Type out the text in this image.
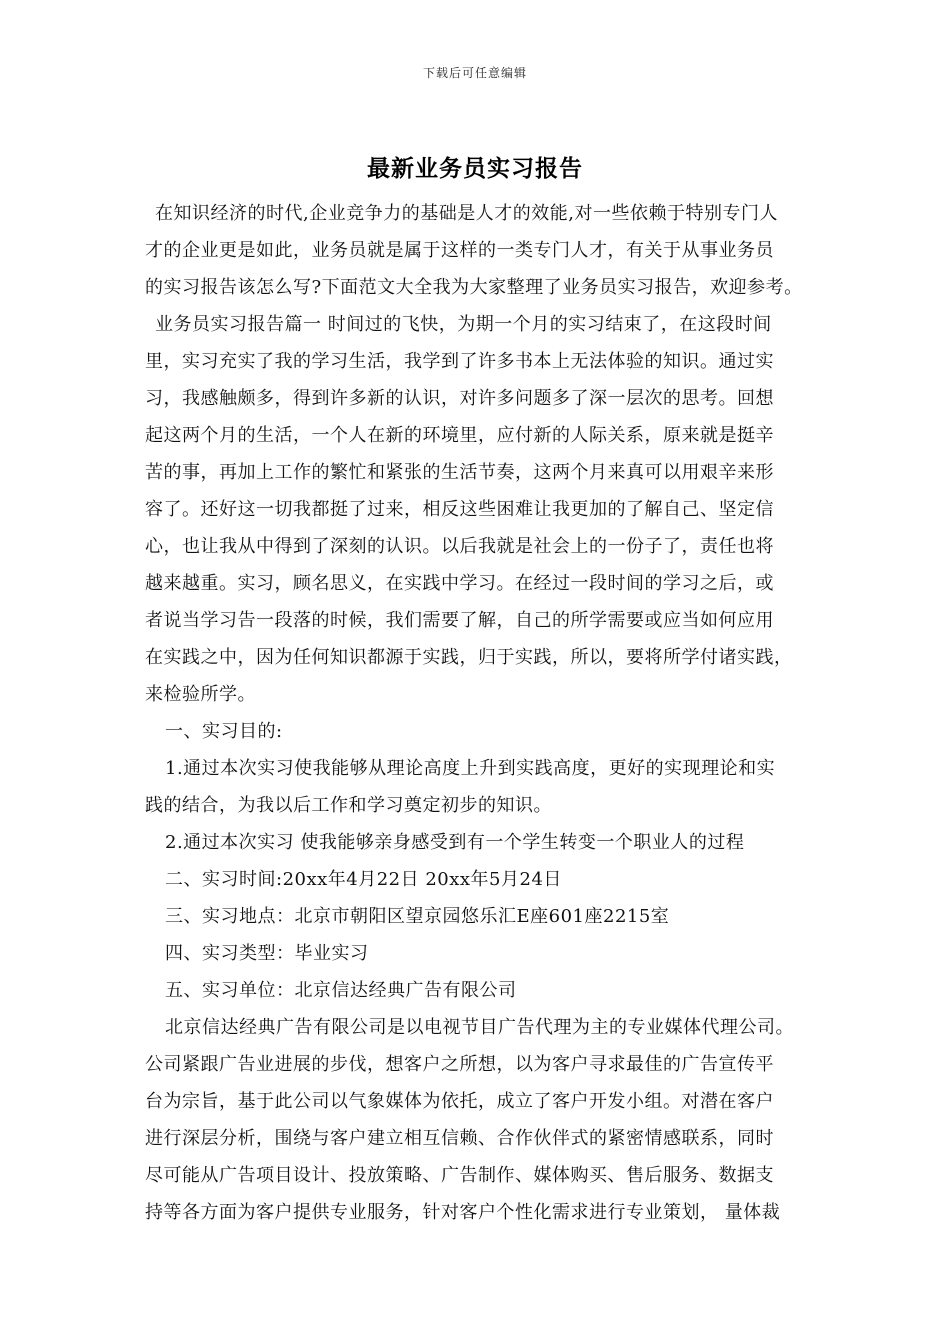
下载后可任意编辑
最新业务员实习报告
在知识经济的时代,企业竞争力的基础是人才的效能,对一些依赖于特别专门人
才的企业更是如此，业务员就是属于这样的一类专门人才，有关于从事业务员
的实习报告该怎么写?下面范文大全我为大家整理了业务员实习报告，欢迎参考。
业务员实习报告篇一 时间过的飞快，为期一个月的实习结束了，在这段时间
里，实习充实了我的学习生活，我学到了许多书本上无法体验的知识。通过实
习，我感触颇多，得到许多新的认识，对许多问题多了深一层次的思考。回想
起这两个月的生活，一个人在新的环境里，应付新的人际关系，原来就是挺辛
苦的事，再加上工作的繁忙和紧张的生活节奏，这两个月来真可以用艰辛来形
容了。还好这一切我都挺了过来，相反这些困难让我更加的了解自己、坚定信
心，也让我从中得到了深刻的认识。以后我就是社会上的一份子了，责任也将
越来越重。实习，顾名思义，在实践中学习。在经过一段时间的学习之后，或
者说当学习告一段落的时候，我们需要了解，自己的所学需要或应当如何应用
在实践之中，因为任何知识都源于实践，归于实践，所以，要将所学付诸实践，
来检验所学。
一、实习目的:
1.通过本次实习使我能够从理论高度上升到实践高度，更好的实现理论和实
践的结合，为我以后工作和学习奠定初步的知识。
2.通过本次实习 使我能够亲身感受到有一个学生转变一个职业人的过程
二、实习时间:20xx年4月22日 20xx年5月24日
三、实习地点：北京市朝阳区望京园悠乐汇E座601座2215室
四、实习类型：毕业实习
五、实习单位：北京信达经典广告有限公司
北京信达经典广告有限公司是以电视节目广告代理为主的专业媒体代理公司。
公司紧跟广告业进展的步伐，想客户之所想，以为客户寻求最佳的广告宣传平
台为宗旨，基于此公司以气象媒体为依托，成立了客户开发小组。对潜在客户
进行深层分析，围绕与客户建立相互信赖、合作伙伴式的紧密情感联系，同时
尽可能从广告项目设计、投放策略、广告制作、媒体购买、售后服务、数据支
持等各方面为客户提供专业服务，针对客户个性化需求进行专业策划， 量体裁
